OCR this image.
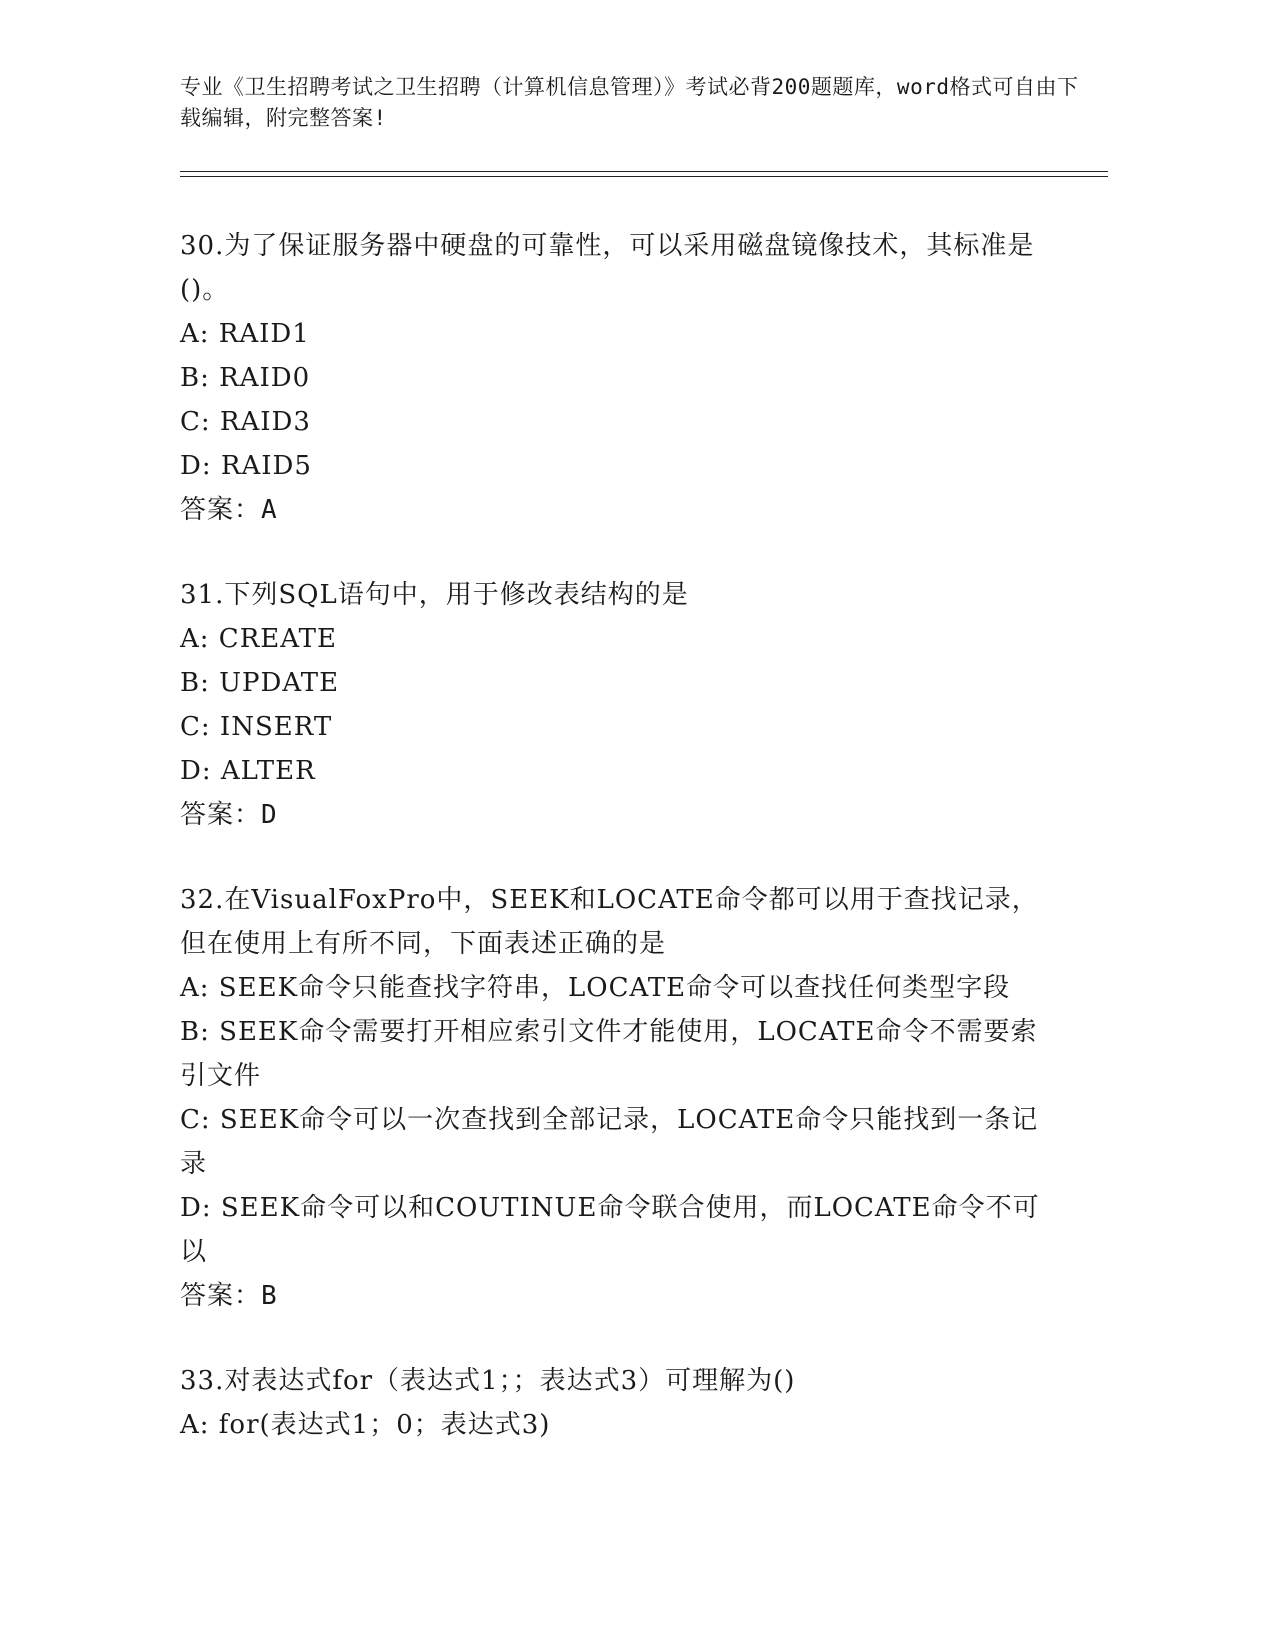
专业《卫生招聘考试之卫生招聘（计算机信息管理）》考试必背200题题库，word格式可自由下载编辑，附完整答案!
30.为了保证服务器中硬盘的可靠性，可以采用磁盘镜像技术，其标准是()。
A: RAID1
B: RAID0
C: RAID3
D: RAID5
答案：A
31.下列SQL语句中，用于修改表结构的是
A: CREATE
B: UPDATE
C: INSERT
D: ALTER
答案：D
32.在VisualFoxPro中，SEEK和LOCATE命令都可以用于查找记录，但在使用上有所不同，下面表述正确的是
A: SEEK命令只能查找字符串，LOCATE命令可以查找任何类型字段
B: SEEK命令需要打开相应索引文件才能使用，LOCATE命令不需要索引文件
C: SEEK命令可以一次查找到全部记录，LOCATE命令只能找到一条记录
D: SEEK命令可以和COUTINUE命令联合使用，而LOCATE命令不可以
答案：B
33.对表达式for（表达式1；；表达式3）可理解为()
A: for(表达式1；0；表达式3)
